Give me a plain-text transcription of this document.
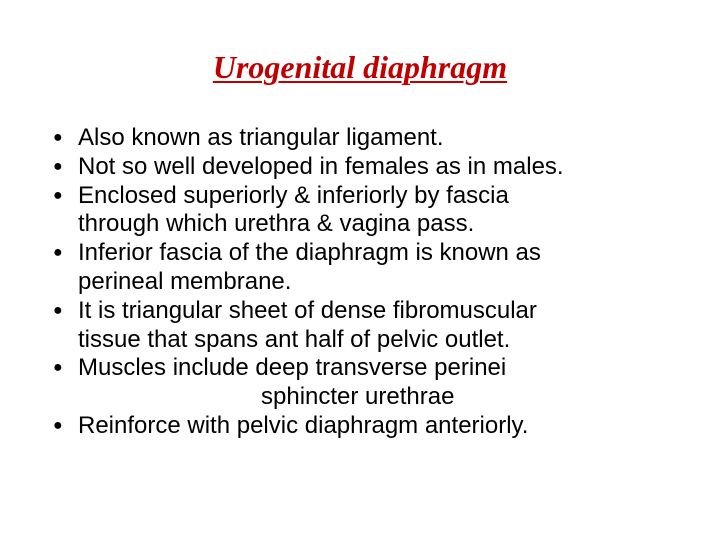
Urogenital diaphragm
● Also known as triangular ligament.
● Not so well developed in females as in males.
● Enclosed superiorly & inferiorly by fascia
through which urethra & vagina pass.
● Inferior fascia of the diaphragm is known as
perineal membrane.
● It is triangular sheet of dense fibromuscular
tissue that spans ant half of pelvic outlet.
● Muscles include deep transverse perinei
sphincter urethrae
● Reinforce with pelvic diaphragm anteriorly.
